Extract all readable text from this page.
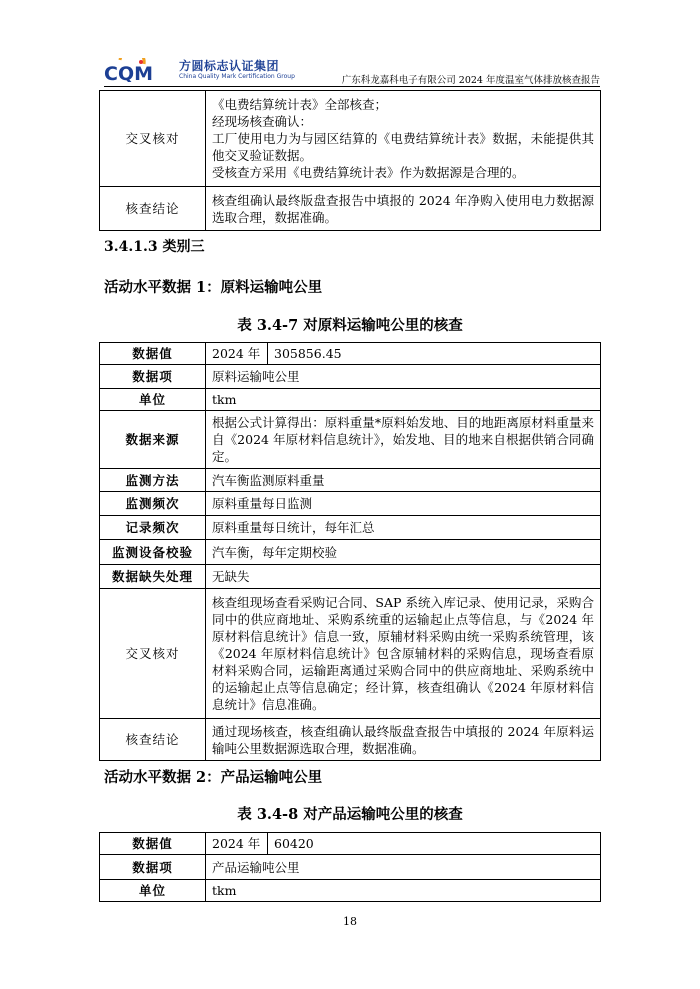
CQM 方圆标志认证集团
China Quality Mark Certification Group	广东科龙嘉科电子有限公司 2024 年度温室气体排放核查报告
交叉核对	《电费结算统计表》全部核查；
经现场核查确认：
工厂使用电力为与园区结算的《电费结算统计表》数据，未能提供其他交叉验证数据。
受核查方采用《电费结算统计表》作为数据源是合理的。

核查结论	核查组确认最终版盘查报告中填报的 2024 年净购入使用电力数据源选取合理，数据准确。
3.4.1.3 类别三
活动水平数据 1：原料运输吨公里
表 3.4-7 对原料运输吨公里的核查
数据值	2024 年	305856.45
数据项	原料运输吨公里	
单位	tkm	
数据来源	根据公式计算得出：原料重量*原料始发地、目的地距离原材料重量来自《2024 年原材料信息统计》，始发地、目的地来自根据供销合同确定。	
监测方法	汽车衡监测原料重量	
监测频次	原料重量每日监测	
记录频次	原料重量每日统计，每年汇总	
监测设备校验	汽车衡，每年定期校验	
数据缺失处理	无缺失	
交叉核对	核查组现场查看采购记合同、SAP 系统入库记录、使用记录，采购合同中的供应商地址、采购系统重的运输起止点等信息，与《2024 年原材料信息统计》信息一致，原辅材料采购由统一采购系统管理，该《2024 年原材料信息统计》包含原辅材料的采购信息，现场查看原材料采购合同，运输距离通过采购合同中的供应商地址、采购系统中的运输起止点等信息确定；经计算，核查组确认《2024 年原材料信息统计》信息准确。	
核查结论	通过现场核查，核查组确认最终版盘查报告中填报的 2024 年原料运输吨公里数据源选取合理，数据准确。	
活动水平数据 2：产品运输吨公里
表 3.4-8 对产品运输吨公里的核查
数据值	2024 年	60420
数据项	产品运输吨公里	
单位	tkm	
18
